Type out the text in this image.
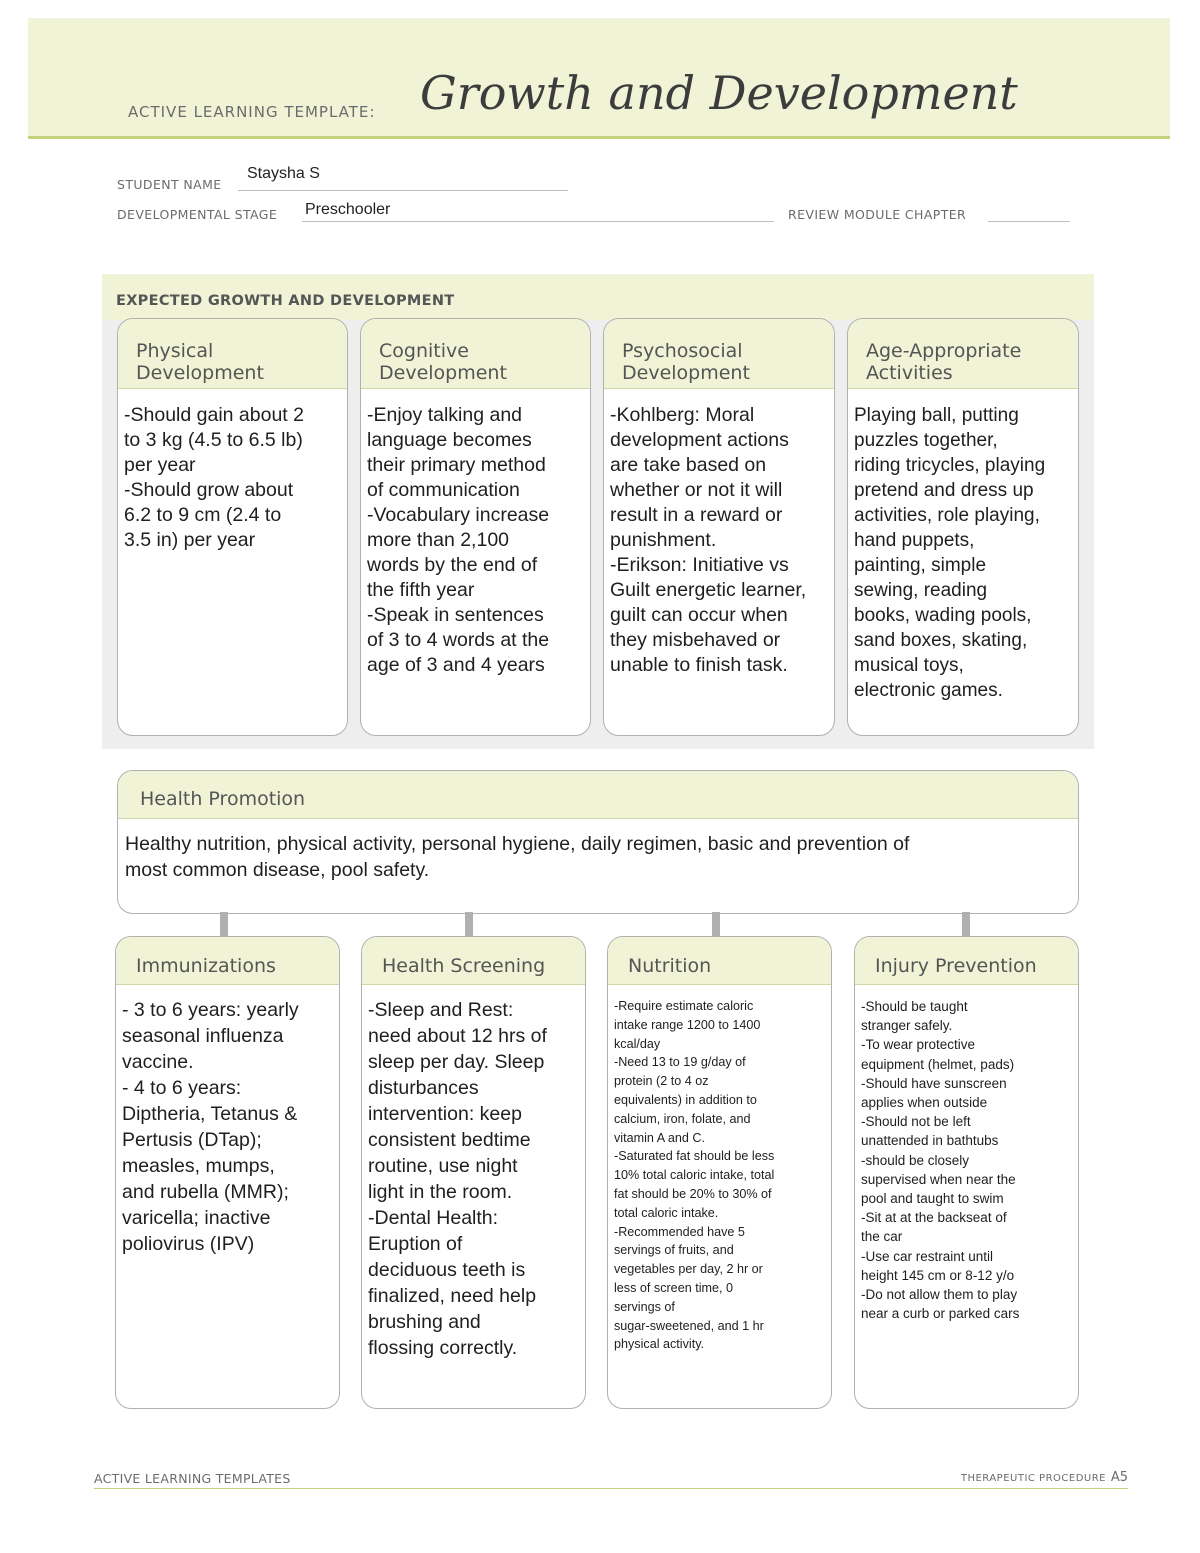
ACTIVE LEARNING TEMPLATE: Growth and Development
STUDENT NAME
Staysha S
DEVELOPMENTAL STAGE Preschooler	REVIEW MODULE CHAPTER
EXPECTED GROWTH AND DEVELOPMENT
Physical
Development
-Should gain about 2
to 3 kg (4.5 to 6.5 lb)
per year
-Should grow about
6.2 to 9 cm (2.4 to
3.5 in) per year
Cognitive
Development
-Enjoy talking and
language becomes
their primary method
of communication
-Vocabulary increase
more than 2,100
words by the end of
the fifth year
-Speak in sentences
of 3 to 4 words at the
age of 3 and 4 years
Psychosocial
Development
-Kohlberg: Moral
development actions
are take based on
whether or not it will
result in a reward or
punishment.
-Erikson: Initiative vs
Guilt energetic learner,
guilt can occur when
they misbehaved or
unable to finish task.
Age-Appropriate
Activities
Playing ball, putting
puzzles together,
riding tricycles, playing
pretend and dress up
activities, role playing,
hand puppets,
painting, simple
sewing, reading
books, wading pools,
sand boxes, skating,
musical toys,
electronic games.
Health Promotion
Healthy nutrition, physical activity, personal hygiene, daily regimen, basic and prevention of
most common disease, pool safety.
Immunizations
- 3 to 6 years: yearly
seasonal influenza
vaccine.
- 4 to 6 years:
Diptheria, Tetanus &
Pertusis (DTap);
measles, mumps,
and rubella (MMR);
varicella; inactive
poliovirus (IPV)
Health Screening
-Sleep and Rest:
need about 12 hrs of
sleep per day. Sleep
disturbances
intervention: keep
consistent bedtime
routine, use night
light in the room.
-Dental Health:
Eruption of
deciduous teeth is
finalized, need help
brushing and
flossing correctly.
Nutrition
-Require estimate caloric
intake range 1200 to 1400
kcal/day
-Need 13 to 19 g/day of
protein (2 to 4 oz
equivalents) in addition to
calcium, iron, folate, and
vitamin A and C.
-Saturated fat should be less
10% total caloric intake, total
fat should be 20% to 30% of
total caloric intake.
-Recommended have 5
servings of fruits, and
vegetables per day, 2 hr or
less of screen time, 0
servings of
sugar-sweetened, and 1 hr
physical activity.
Injury Prevention
-Should be taught
stranger safely.
-To wear protective
equipment (helmet, pads)
-Should have sunscreen
applies when outside
-Should not be left
unattended in bathtubs
-should be closely
supervised when near the
pool and taught to swim
-Sit at at the backseat of
the car
-Use car restraint until
height 145 cm or 8-12 y/o
-Do not allow them to play
near a curb or parked cars
ACTIVE LEARNING TEMPLATES	THERAPEUTIC PROCEDURE A5
